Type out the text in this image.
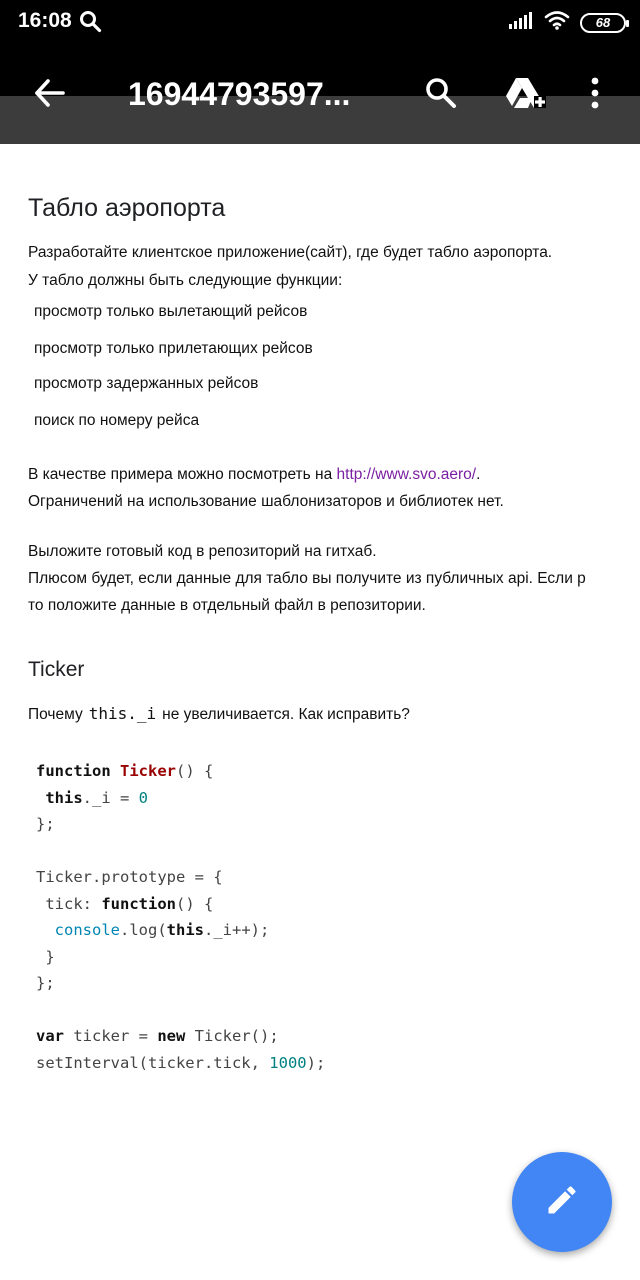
16:08	68
16944793597...
Табло аэропорта
Разработайте клиентское приложение(сайт), где будет табло аэропорта.
У табло должны быть следующие функции:
просмотр только вылетающий рейсов
просмотр только прилетающих рейсов
просмотр задержанных рейсов
поиск по номеру рейса
В качестве примера можно посмотреть на http://www.svo.aero/.
Ограничений на использование шаблонизаторов и библиотек нет.
Выложите готовый код в репозиторий на гитхаб.
Плюсом будет, если данные для табло вы получите из публичных api. Если р
то положите данные в отдельный файл в репозитории.
Ticker
Почему this._i не увеличивается. Как исправить?
function Ticker() {
this._i = 0
};

Ticker.prototype = {
tick: function() {
console.log(this._i++);
}
};

var ticker = new Ticker();
setInterval(ticker.tick, 1000);
